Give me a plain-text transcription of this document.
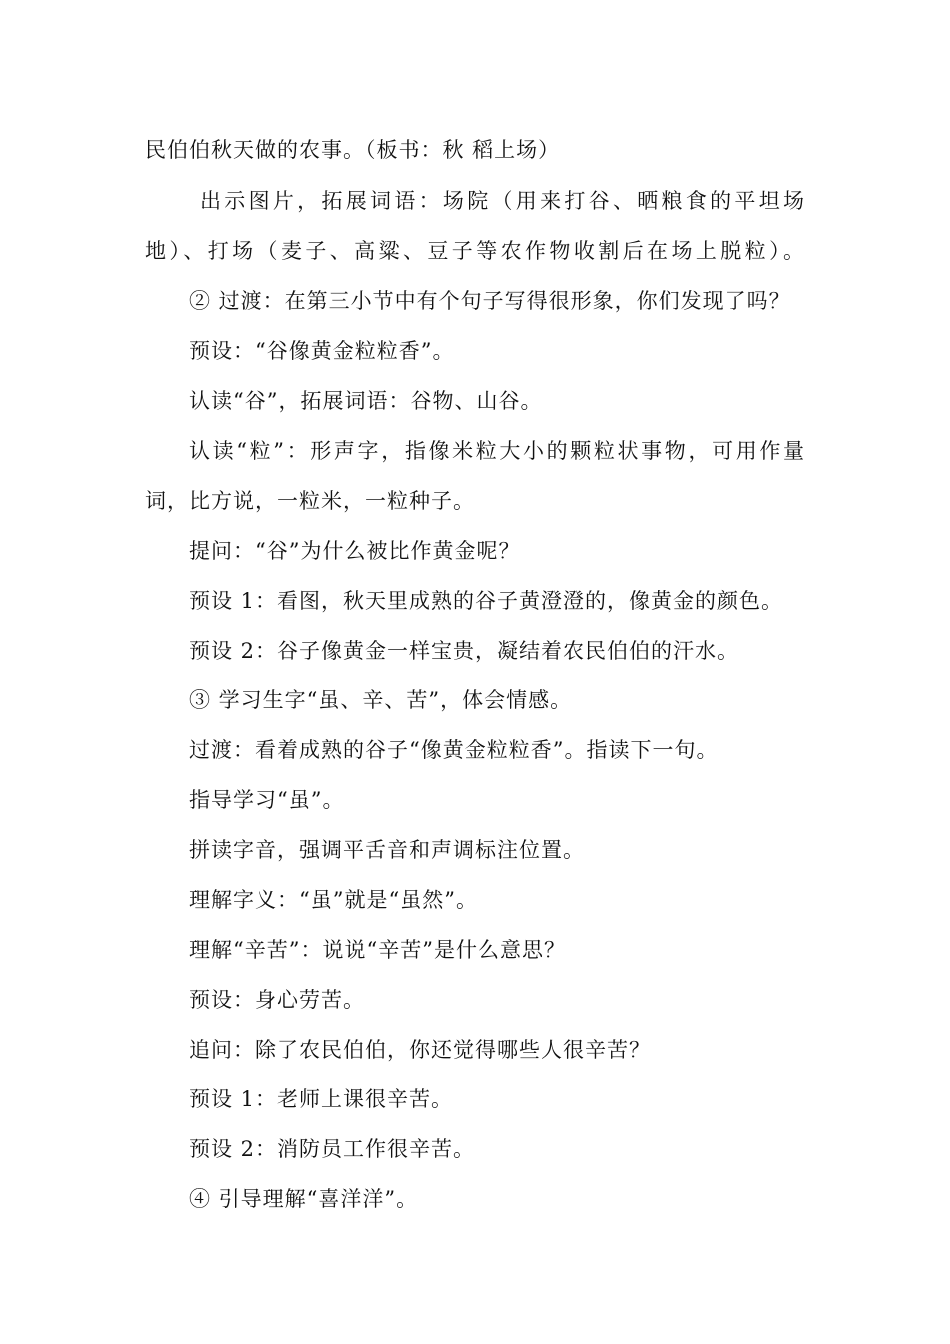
民伯伯秋天做的农事。（板书：秋 稻上场）
出示图片，拓展词语：场院（用来打谷、晒粮食的平坦场
地）、打场（麦子、高粱、豆子等农作物收割后在场上脱粒）。
② 过渡：在第三小节中有个句子写得很形象，你们发现了吗？
预设：“谷像黄金粒粒香”。
认读“谷”，拓展词语：谷物、山谷。
认读“粒”：形声字，指像米粒大小的颗粒状事物，可用作量
词，比方说，一粒米，一粒种子。
提问：“谷”为什么被比作黄金呢？
预设 1：看图，秋天里成熟的谷子黄澄澄的，像黄金的颜色。
预设 2：谷子像黄金一样宝贵，凝结着农民伯伯的汗水。
③ 学习生字“虽、辛、苦”，体会情感。
过渡：看着成熟的谷子“像黄金粒粒香”。指读下一句。
指导学习“虽”。
拼读字音，强调平舌音和声调标注位置。
理解字义：“虽”就是“虽然”。
理解“辛苦”：说说“辛苦”是什么意思？
预设：身心劳苦。
追问：除了农民伯伯，你还觉得哪些人很辛苦？
预设 1：老师上课很辛苦。
预设 2：消防员工作很辛苦。
④ 引导理解“喜洋洋”。
